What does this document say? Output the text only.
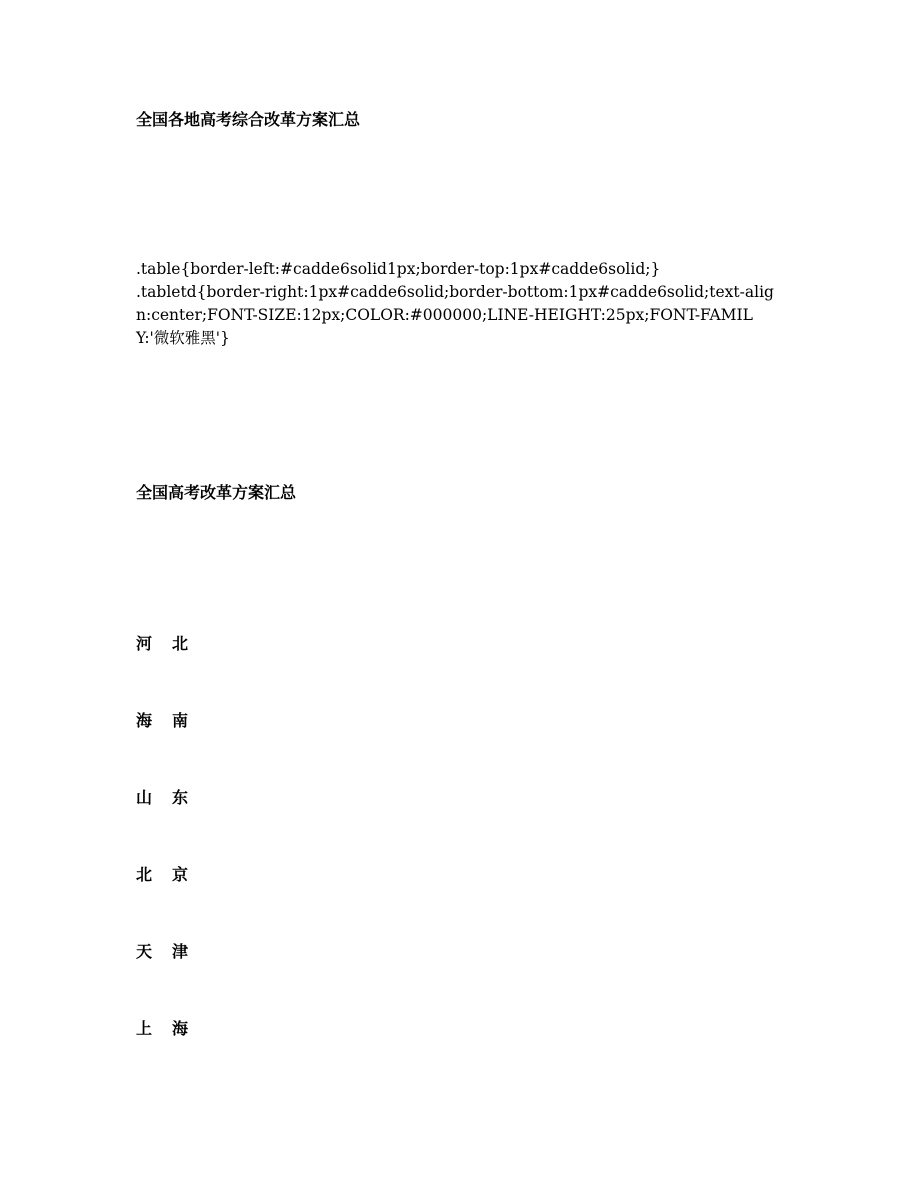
全国各地高考综合改革方案汇总
.table{border-left:#cadde6solid1px;border-top:1px#cadde6solid;}
.tabletd{border-right:1px#cadde6solid;border-bottom:1px#cadde6solid;text-align:center;FONT-SIZE:12px;COLOR:#000000;LINE-HEIGHT:25px;FONT-FAMILY:'微软雅黑'}
全国高考改革方案汇总
河北
海南
山东
北京
天津
上海
